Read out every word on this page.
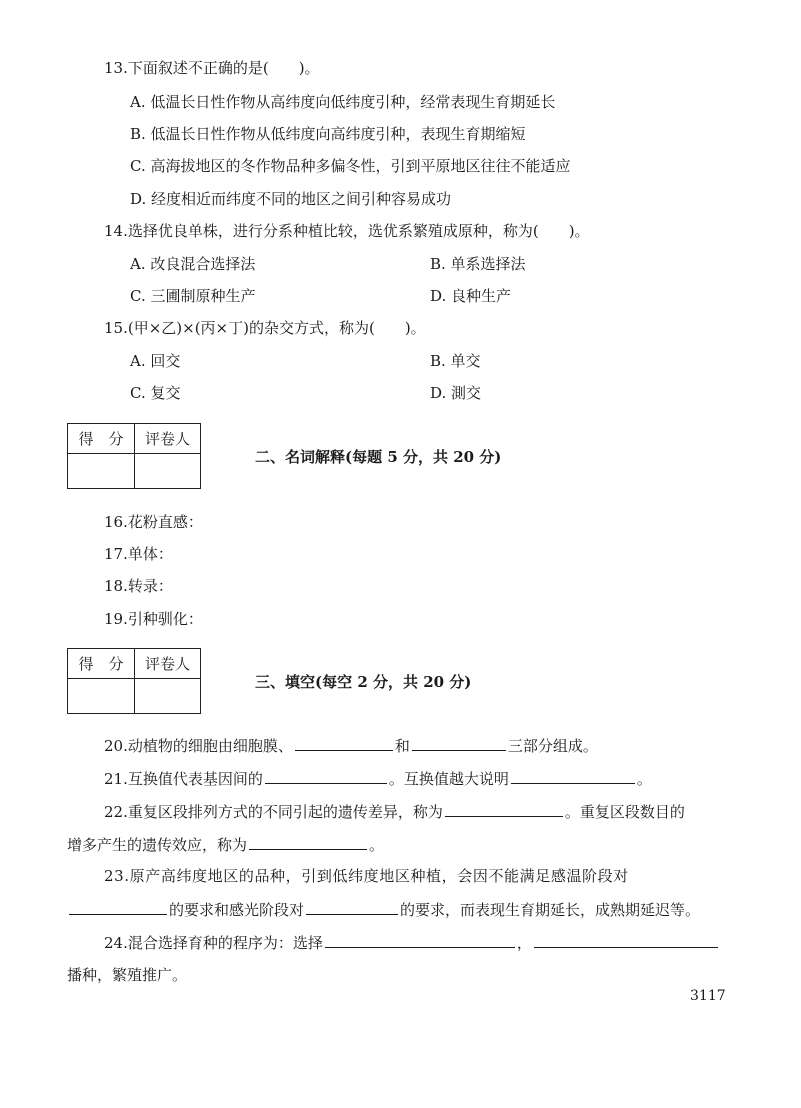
13.下面叙述不正确的是(　　)。
A. 低温长日性作物从高纬度向低纬度引种，经常表现生育期延长
B. 低温长日性作物从低纬度向高纬度引种，表现生育期缩短
C. 高海拔地区的冬作物品种多偏冬性，引到平原地区往往不能适应
D. 经度相近而纬度不同的地区之间引种容易成功
14.选择优良单株，进行分系种植比较，选优系繁殖成原种，称为(　　)。
A. 改良混合选择法	B. 单系选择法
C. 三圃制原种生产	D. 良种生产
15.(甲×乙)×(丙×丁)的杂交方式，称为(　　)。
A. 回交	B. 单交
C. 复交	D. 測交
得　分	评卷人

二、名词解释(每题 5 分，共 20 分)
16.花粉直感：
17.单体：
18.转录：
19.引种驯化：
得　分	评卷人

三、填空(每空 2 分，共 20 分)
20.动植物的细胞由细胞膜、	和	三部分组成。
21.互换值代表基因间的	。互换值越大说明	。
22.重复区段排列方式的不同引起的遗传差异，称为	。重复区段数目的
增多产生的遗传效应，称为	。
23.原产高纬度地区的品种，引到低纬度地区种植，会因不能满足感温阶段对
的要求和感光阶段对	的要求，而表现生育期延长，成熟期延迟等。
24.混合选择育种的程序为：选择	，
播种，繁殖推广。
3117
